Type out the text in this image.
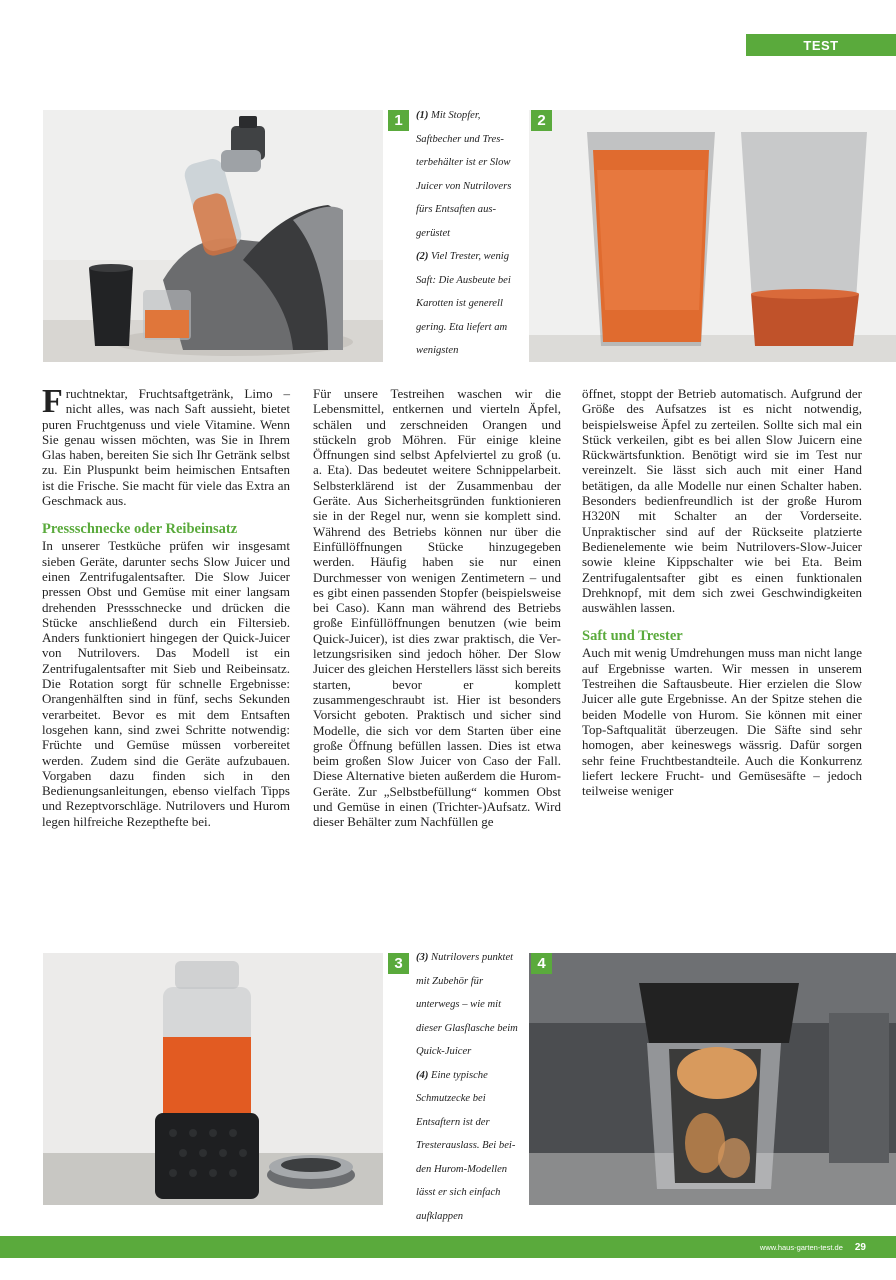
TEST
1	(1) Mit Stopfer, Saftbecher und Tresterbehälter ist er Slow Juicer von Nutrilovers fürs Entsaften ausgerüstet
(2) Viel Trester, wenig Saft: Die Ausbeute bei Karotten ist generell gering. Eta liefert am wenigsten
2

Fruchtnektar, Fruchtsaftgetränk, Limo – nicht alles, was nach Saft aussieht, bietet puren Fruchtgenuss und viele Vitamine. Wenn Sie genau wissen möchten, was Sie in Ihrem Glas haben, bereiten Sie sich Ihr Getränk selbst zu. Ein Pluspunkt beim heimischen Entsaften ist die Frische. Sie macht für viele das Extra an Geschmack aus.

Pressschnecke oder Reibeinsatz

In unserer Testküche prüfen wir insgesamt sieben Geräte, darunter sechs Slow Juicer und einen Zentrifugalentsafter. Die Slow Juicer pressen Obst und Gemüse mit einer langsam drehenden Pressschnecke und drücken die Stücke anschließend durch ein Filtersieb. Anders funktioniert hingegen der Quick-Juicer von Nutrilovers. Das Modell ist ein Zentrifugalentsafter mit Sieb und Reibeinsatz. Die Rotation sorgt für schnelle Ergebnisse: Orangenhälften sind in fünf, sechs Sekunden verarbeitet. Bevor es mit dem Entsaften losgehen kann, sind zwei Schritte notwendig: Früchte und Gemüse müssen vorbereitet werden. Zudem sind die Geräte aufzubauen. Vorgaben dazu finden sich in den Bedienungsanleitungen, ebenso vielfach Tipps und Rezeptvorschläge. Nutrilovers und Hurom legen hilfreiche Rezepthefte bei.

Für unsere Testreihen waschen wir die Lebensmittel, entkernen und vierteln Äpfel, schälen und zerschneiden Orangen und stückeln grob Möhren. Für einige kleine Öffnungen sind selbst Apfelviertel zu groß (u. a. Eta). Das bedeutet weitere Schnippelarbeit. Selbsterklärend ist der Zusammenbau der Geräte. Aus Sicherheitsgründen funktionieren sie in der Regel nur, wenn sie komplett sind. Während des Betriebs können nur über die Einfüllöffnungen Stücke hinzugegeben werden. Häufig haben sie nur einen Durchmesser von wenigen Zentimetern – und es gibt einen passenden Stopfer (beispielsweise bei Caso). Kann man während des Betriebs große Einfüllöffnungen benutzen (wie beim Quick-Juicer), ist dies zwar praktisch, die Verletzungsrisiken sind jedoch höher. Der Slow Juicer des gleichen Herstellers lässt sich bereits starten, bevor er komplett zusammengeschraubt ist. Hier ist besonders Vorsicht geboten. Praktisch und sicher sind Modelle, die sich vor dem Starten über eine große Öffnung befüllen lassen. Dies ist etwa beim großen Slow Juicer von Caso der Fall. Diese Alternative bieten außerdem die Hurom-Geräte. Zur „Selbstbefüllung“ kommen Obst und Gemüse in einen (Trichter-)Aufsatz. Wird dieser Behälter zum Nachfüllen ge

öffnet, stoppt der Betrieb automatisch. Aufgrund der Größe des Aufsatzes ist es nicht notwendig, beispielsweise Äpfel zu zerteilen. Sollte sich mal ein Stück verkeilen, gibt es bei allen Slow Juicern eine Rückwärtsfunktion. Benötigt wird sie im Test nur vereinzelt. Sie lässt sich auch mit einer Hand betätigen, da alle Modelle nur einen Schalter haben. Besonders bedienfreundlich ist der große Hurom H320N mit Schalter an der Vorderseite. Unpraktischer sind auf der Rückseite platzierte Bedienelemente wie beim Nutrilovers-Slow-Juicer sowie kleine Kippschalter wie bei Eta. Beim Zentrifugalentsafter gibt es einen funktionalen Drehknopf, mit dem sich zwei Geschwindigkeiten auswählen lassen.

Saft und Trester

Auch mit wenig Umdrehungen muss man nicht lange auf Ergebnisse warten. Wir messen in unserem Testreihen die Saftausbeute. Hier erzielen die Slow Juicer alle gute Ergebnisse. An der Spitze stehen die beiden Modelle von Hurom. Sie können mit einer Top-Saftqualität überzeugen. Die Säfte sind sehr homogen, aber keineswegs wässrig. Dafür sorgen sehr feine Fruchtbestandteile. Auch die Konkurrenz liefert leckere Frucht- und Gemüsesäfte – jedoch teilweise weniger

3	(3) Nutrilovers punktet mit Zubehör für unterwegs – wie mit dieser Glasflasche beim Quick-Juicer
(4) Eine typische Schmutzecke bei Entsaftern ist der Tresterauslass. Bei beiden Hurom-Modellen lässt er sich einfach aufklappen
4
www.haus-garten-test.de 29
